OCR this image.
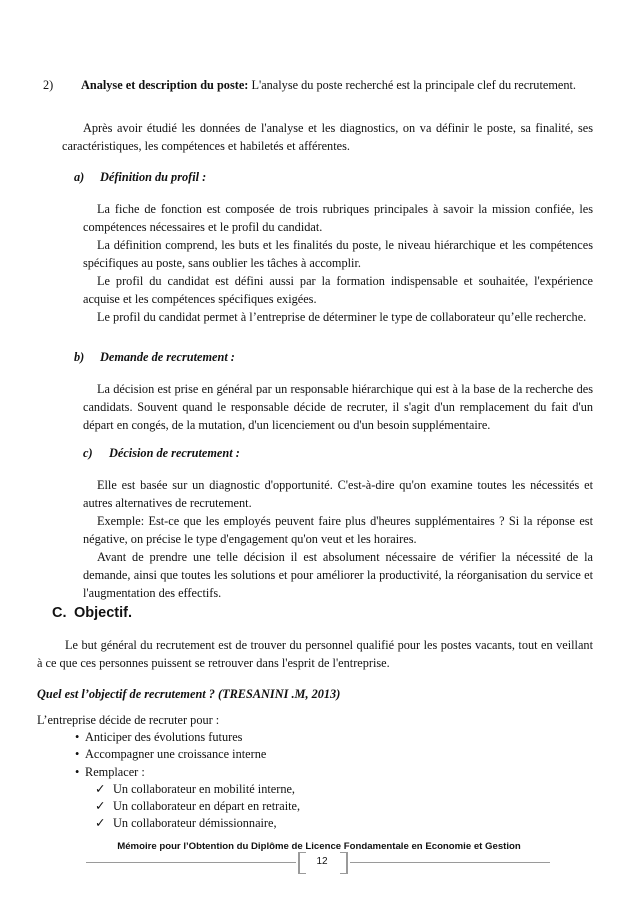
2) Analyse et description du poste: L'analyse du poste recherché est la principale clef du recrutement.

Après avoir étudié les données de l'analyse et les diagnostics, on va définir le poste, sa finalité, ses caractéristiques, les compétences et habiletés et afférentes.

a) Définition du profil :

La fiche de fonction est composée de trois rubriques principales à savoir la mission confiée, les compétences nécessaires et le profil du candidat.

La définition comprend, les buts et les finalités du poste, le niveau hiérarchique et les compétences spécifiques au poste, sans oublier les tâches à accomplir.

Le profil du candidat est défini aussi par la formation indispensable et souhaitée, l'expérience acquise et les compétences spécifiques exigées.

Le profil du candidat permet à l’entreprise de déterminer le type de collaborateur qu’elle recherche.

b) Demande de recrutement :

La décision est prise en général par un responsable hiérarchique qui est à la base de la recherche des candidats. Souvent quand le responsable décide de recruter, il s'agit d'un remplacement du fait d'un départ en congés, de la mutation, d'un licenciement ou d'un besoin supplémentaire.

c) Décision de recrutement :

Elle est basée sur un diagnostic d'opportunité. C'est-à-dire qu'on examine toutes les nécessités et autres alternatives de recrutement.

Exemple: Est-ce que les employés peuvent faire plus d'heures supplémentaires ? Si la réponse est négative, on précise le type d'engagement qu'on veut et les horaires.

Avant de prendre une telle décision il est absolument nécessaire de vérifier la nécessité de la demande, ainsi que toutes les solutions et pour améliorer la productivité, la réorganisation du service et l'augmentation des effectifs.

C. Objectif.

Le but général du recrutement est de trouver du personnel qualifié pour les postes vacants, tout en veillant à ce que ces personnes puissent se retrouver dans l'esprit de l'entreprise.

Quel est l’objectif de recrutement ? (TRESANINI .M, 2013)
L’entreprise décide de recruter pour :
• Anticiper des évolutions futures
• Accompagner une croissance interne
• Remplacer :
✓ Un collaborateur en mobilité interne,
✓ Un collaborateur en départ en retraite,
✓ Un collaborateur démissionnaire,
Mémoire pour l’Obtention du Diplôme de Licence Fondamentale en Economie et Gestion
12
